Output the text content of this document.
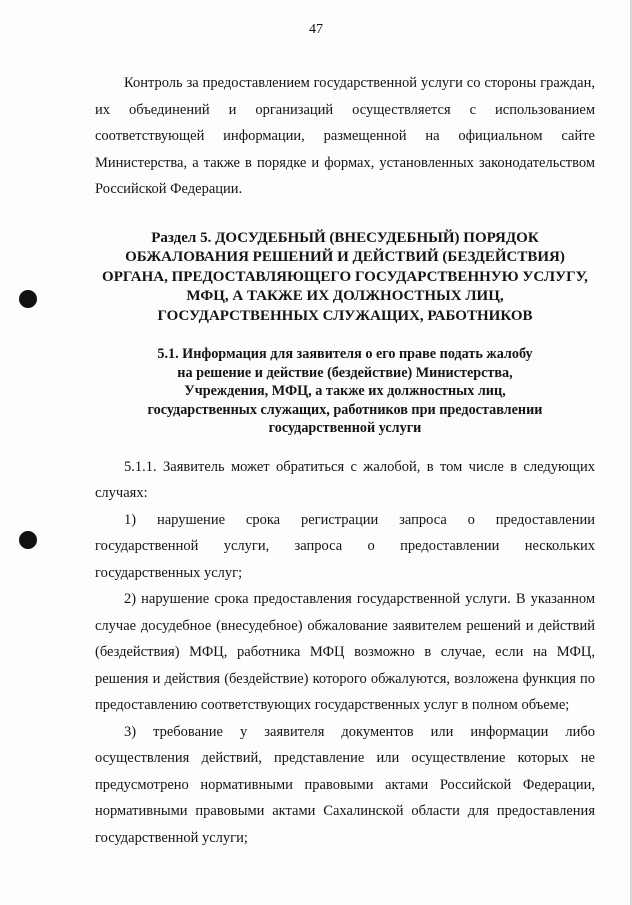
47

Контроль за предоставлением государственной услуги со стороны граждан, их объединений и организаций осуществляется с использованием соответствующей информации, размещенной на официальном сайте Министерства, а также в порядке и формах, установленных законодательством Российской Федерации.

Раздел 5. ДОСУДЕБНЫЙ (ВНЕСУДЕБНЫЙ) ПОРЯДОК
ОБЖАЛОВАНИЯ РЕШЕНИЙ И ДЕЙСТВИЙ (БЕЗДЕЙСТВИЯ)
ОРГАНА, ПРЕДОСТАВЛЯЮЩЕГО ГОСУДАРСТВЕННУЮ УСЛУГУ,
МФЦ, А ТАКЖЕ ИХ ДОЛЖНОСТНЫХ ЛИЦ,
ГОСУДАРСТВЕННЫХ СЛУЖАЩИХ, РАБОТНИКОВ
5.1. Информация для заявителя о его праве подать жалобу
на решение и действие (бездействие) Министерства,
Учреждения, МФЦ, а также их должностных лиц,
государственных служащих, работников при предоставлении
государственной услуги

5.1.1. Заявитель может обратиться с жалобой, в том числе в следующих случаях:

1) нарушение срока регистрации запроса о предоставлении государственной услуги, запроса о предоставлении нескольких государственных услуг;

2) нарушение срока предоставления государственной услуги. В указанном случае досудебное (внесудебное) обжалование заявителем решений и действий (бездействия) МФЦ, работника МФЦ возможно в случае, если на МФЦ, решения и действия (бездействие) которого обжалуются, возложена функция по предоставлению соответствующих государственных услуг в полном объеме;

3) требование у заявителя документов или информации либо осуществления действий, представление или осуществление которых не предусмотрено нормативными правовыми актами Российской Федерации, нормативными правовыми актами Сахалинской области для предоставления государственной услуги;
